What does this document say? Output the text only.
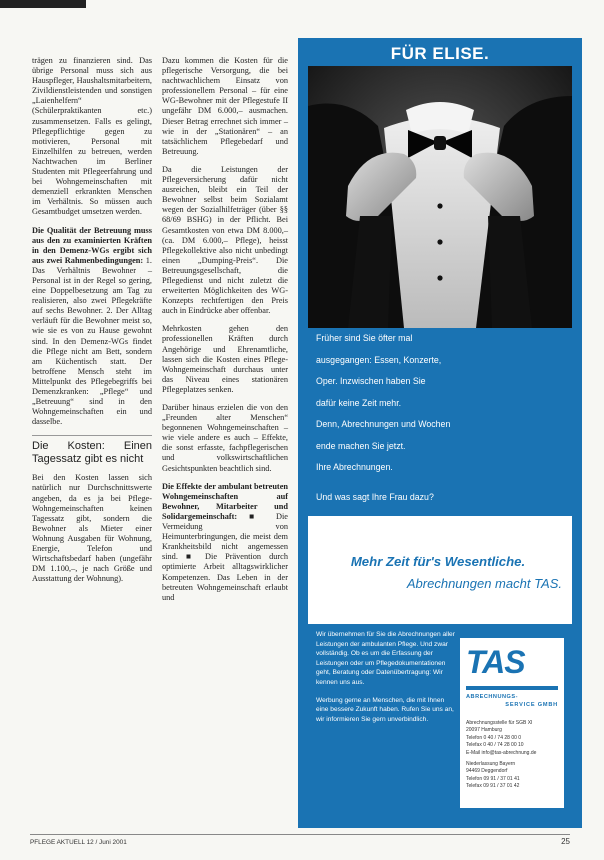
trägen zu finanzieren sind. Das übrige Personal muss sich aus Hauspfleger, Haushaltsmitarbeitern, Zivildienstleistenden und sonstigen „Laienhelfern“ (Schülerpraktikanten etc.) zusammensetzen. Falls es gelingt, Pflegepflichtige gegen zu motivieren, Personal mit Einzelhilfen zu betreuen, werden Nachtwachen im Berliner Studenten mit Pflegeerfahrung und bei Wohngemeinschaften mit demenziell erkrankten Menschen im Verhältnis. So müssen auch Gesamtbudget umsetzen werden.

Die Qualität der Betreuung muss aus den zu examinierten Kräften in den Demenz-WGs ergibt sich aus zwei Rahmenbedingungen: 1. Das Verhältnis Bewohner – Personal ist in der Regel so gering, eine Doppelbesetzung am Tag zu realisieren, also zwei Pflegekräfte auf sechs Bewohner. 2. Der Alltag verläuft für die Bewohner meist so, wie sie es von zu Hause gewohnt sind. In den Demenz-WGs findet die Pflege nicht am Bett, sondern am Küchentisch statt. Der betroffene Mensch steht im Mittelpunkt des Pflegebegriffs bei Demenzkranken: „Pflege“ und „Betreuung“ sind in den Wohngemeinschaften ein und dasselbe.

Die Kosten: Einen Tagessatz gibt es nicht

Bei den Kosten lassen sich natürlich nur Durchschnittswerte angeben, da es ja bei Pflege-Wohngemeinschaften keinen Tagessatz gibt, sondern die Bewohner als Mieter einer Wohnung Ausgaben für Wohnung, Energie, Telefon und Wirtschaftsbedarf haben (ungefähr DM 1.100,–, je nach Größe und Ausstattung der Wohnung).

Dazu kommen die Kosten für die pflegerische Versorgung, die bei nachtwachlichem Einsatz von professionellem Personal – für eine WG-Bewohner mit der Pflegestufe II ungefähr DM 6.000,– ausmachen. Dieser Betrag errechnet sich immer – wie in der „Stationären“ – an tatsächlichem Pflegebedarf und Betreuung.

Da die Leistungen der Pflegeversicherung dafür nicht ausreichen, bleibt ein Teil der Bewohner selbst beim Sozialamt wegen der Sozialhilfeträger (über §§ 68/69 BSHG) in der Pflicht. Bei Gesamtkosten von etwa DM 8.000,– (ca. DM 6.000,– Pflege), heisst Pflegekollektive also nicht unbedingt einen „Dumping-Preis“. Die Betreuungsgesellschaft, die Pflegedienst und nicht zuletzt die erweiterten Möglichkeiten des WG-Konzepts rechtfertigen den Preis auch in Eindrücke aber offenbar.

Mehrkosten gehen den professionellen Kräften durch Angehörige und Ehrenamtliche, lassen sich die Kosten eines Pflege-Wohngemeinschaft durchaus unter das Niveau eines stationären Pflegeplatzes senken.

Darüber hinaus erzielen die von den „Freunden alter Menschen“ begonnenen Wohngemeinschaften – wie viele andere es auch – Effekte, die sonst erfasste, fachpflegerischen und volkswirtschaftlichen Gesichtspunkten beachtlich sind.

Die Effekte der ambulant betreuten Wohngemeinschaften auf Bewohner, Mitarbeiter und Solidargemeinschaft: ■ Die Vermeidung von Heimunterbringungen, die meist dem Krankheitsbild nicht angemessen sind. ■ Die Prävention durch optimierte Arbeit alltagswirklicher Kompetenzen. Das Leben in der betreuten Wohngemeinschaft erlaubt und

FÜR ELISE.

Früher sind Sie öfter mal

ausgegangen: Essen, Konzerte,

Oper. Inzwischen haben Sie

dafür keine Zeit mehr.

Denn, Abrechnungen und Wochen

ende machen Sie jetzt.

Ihre Abrechnungen.

Und was sagt Ihre Frau dazu?

Mehr Zeit für's Wesentliche.
Abrechnungen macht TAS.

Wir übernehmen für Sie die Abrechnungen aller Leistungen der ambulanten Pflege. Und zwar vollständig. Ob es um die Erfassung der Leistungen oder um Pflegedokumentationen geht, Beratung oder Datenübertragung: Wir kennen uns aus.

Werbung gerne an Menschen, die mit Ihnen eine bessere Zukunft haben. Rufen Sie uns an, wir informieren Sie gern unverbindlich.

TAS
ABRECHNUNGS-
SERVICE GMBH
Abrechnungsstelle für SGB XI
20097 Hamburg
Telefon 0 40 / 74 28 00 0
Telefax 0 40 / 74 28 00 10
E-Mail info@tas-abrechnung.de
Niederlassung Bayern
94469 Deggendorf
Telefon 09 91 / 37 01 41
Telefax 09 91 / 37 01 42
PFLEGE AKTUELL 12 / Juni 2001	25
